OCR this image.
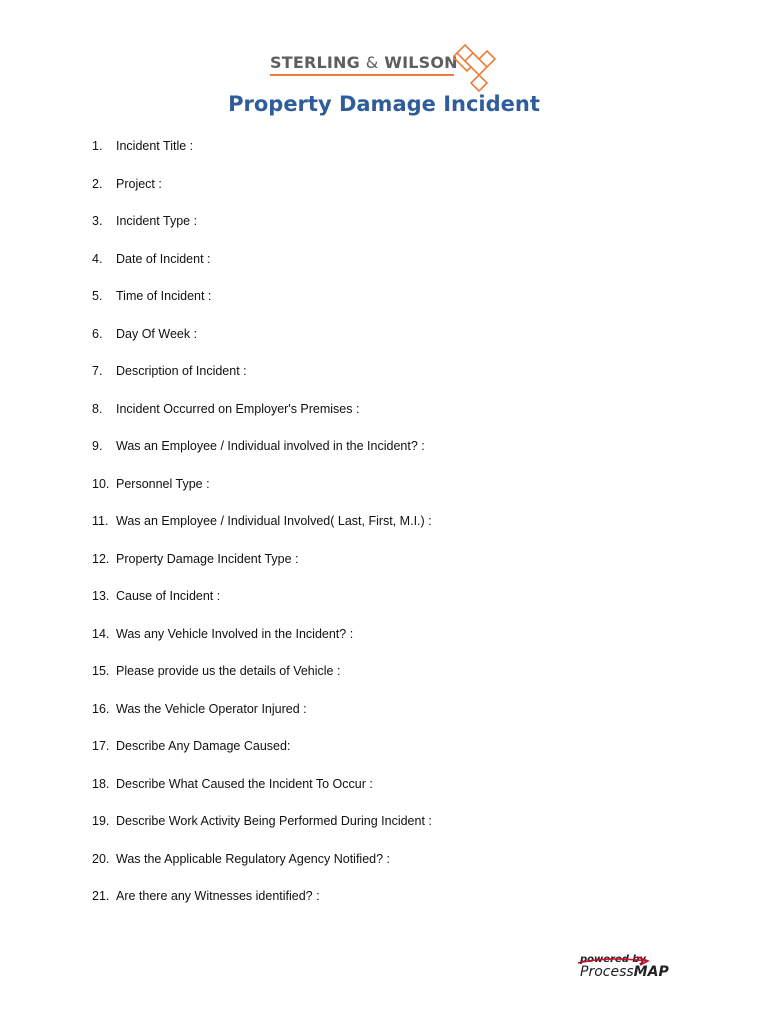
STERLING & WILSON
Property Damage Incident
1.	Incident Title :
2.	Project :
3.	Incident Type :
4.	Date of Incident :
5.	Time of Incident :
6.	Day Of Week :
7.	Description of Incident :
8.	Incident Occurred on Employer's Premises :
9.	Was an Employee / Individual involved in the Incident? :
10. Personnel Type :
11. Was an Employee / Individual Involved( Last, First, M.I.) :
12. Property Damage Incident Type :
13. Cause of Incident :
14. Was any Vehicle Involved in the Incident? :
15. Please provide us the details of Vehicle :
16. Was the Vehicle Operator Injured :
17. Describe Any Damage Caused:
18. Describe What Caused the Incident To Occur :
19. Describe Work Activity Being Performed During Incident :
20. Was the Applicable Regulatory Agency Notified? :
21. Are there any Witnesses identified? :
powered by
ProcessMAP
